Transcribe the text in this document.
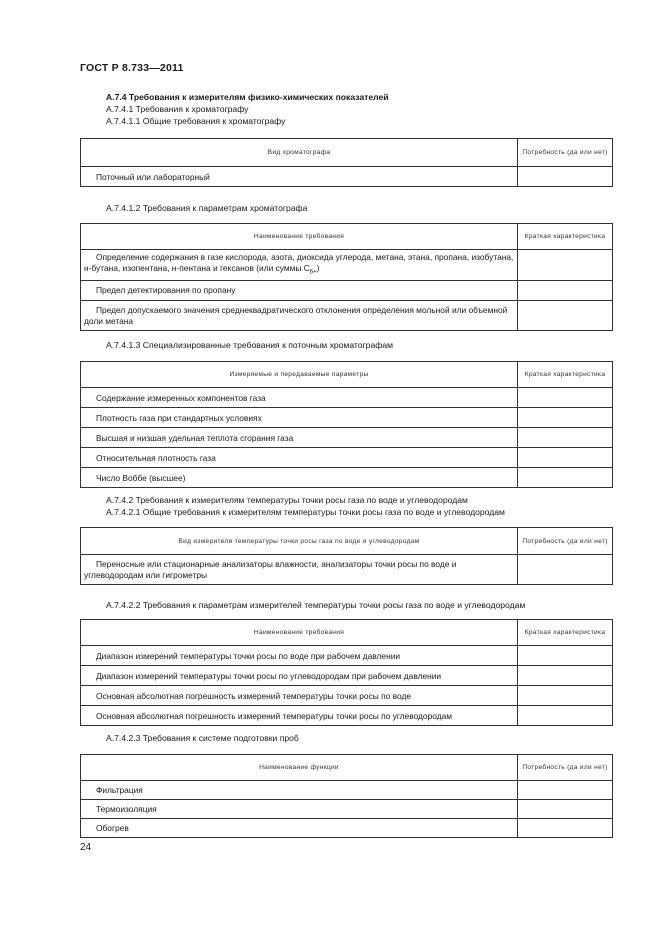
ГОСТ Р 8.733—2011
А.7.4 Требования к измерителям физико-химических показателей
А.7.4.1 Требования к хроматографу
А.7.4.1.1 Общие требования к хроматографу
Вид хроматографа	Потребность (да или нет)
Поточный или лабораторный	
А.7.4.1.2 Требования к параметрам хроматографа
Наименование требования	Краткая характеристика
Определение содержания в газе кислорода, азота, диоксида углерода, метана, этана, пропана, изобутана, н-бутана, изопентана, н-пентана и гексанов (или суммы $C_{6+}$)	
Предел детектирования по пропану	
Предел допускаемого значения среднеквадратического отклонения определения мольной или объемной доли метана	
А.7.4.1.3 Специализированные требования к поточным хроматографам
Измеряемые и передаваемые параметры	Краткая характеристика
Содержание измеренных компонентов газа	
Плотность газа при стандартных условиях	
Высшая и низшая удельная теплота сгорания газа	
Относительная плотность газа	
Число Воббе (высшее)	
А.7.4.2 Требования к измерителям температуры точки росы газа по воде и углеводородам
А.7.4.2.1 Общие требования к измерителям температуры точки росы газа по воде и углеводородам
Вид измерителя температуры точки росы газа по воде и углеводородам	Потребность (да или нет)
Переносные или стационарные анализаторы влажности, анализаторы точки росы по воде и углеводородам или гигрометры	
А.7.4.2.2 Требования к параметрам измерителей температуры точки росы газа по воде и углеводородам
Наименование требования	Краткая характеристика
Диапазон измерений температуры точки росы по воде при рабочем давлении	
Диапазон измерений температуры точки росы по углеводородам при рабочем давлении	
Основная абсолютная погрешность измерений температуры точки росы по воде	
Основная абсолютная погрешность измерений температуры точки росы по углеводородам	
А.7.4.2.3 Требования к системе подготовки проб
Наименование функции	Потребность (да или нет)
Фильтрация	
Термоизоляция	
Обогрев	
24
